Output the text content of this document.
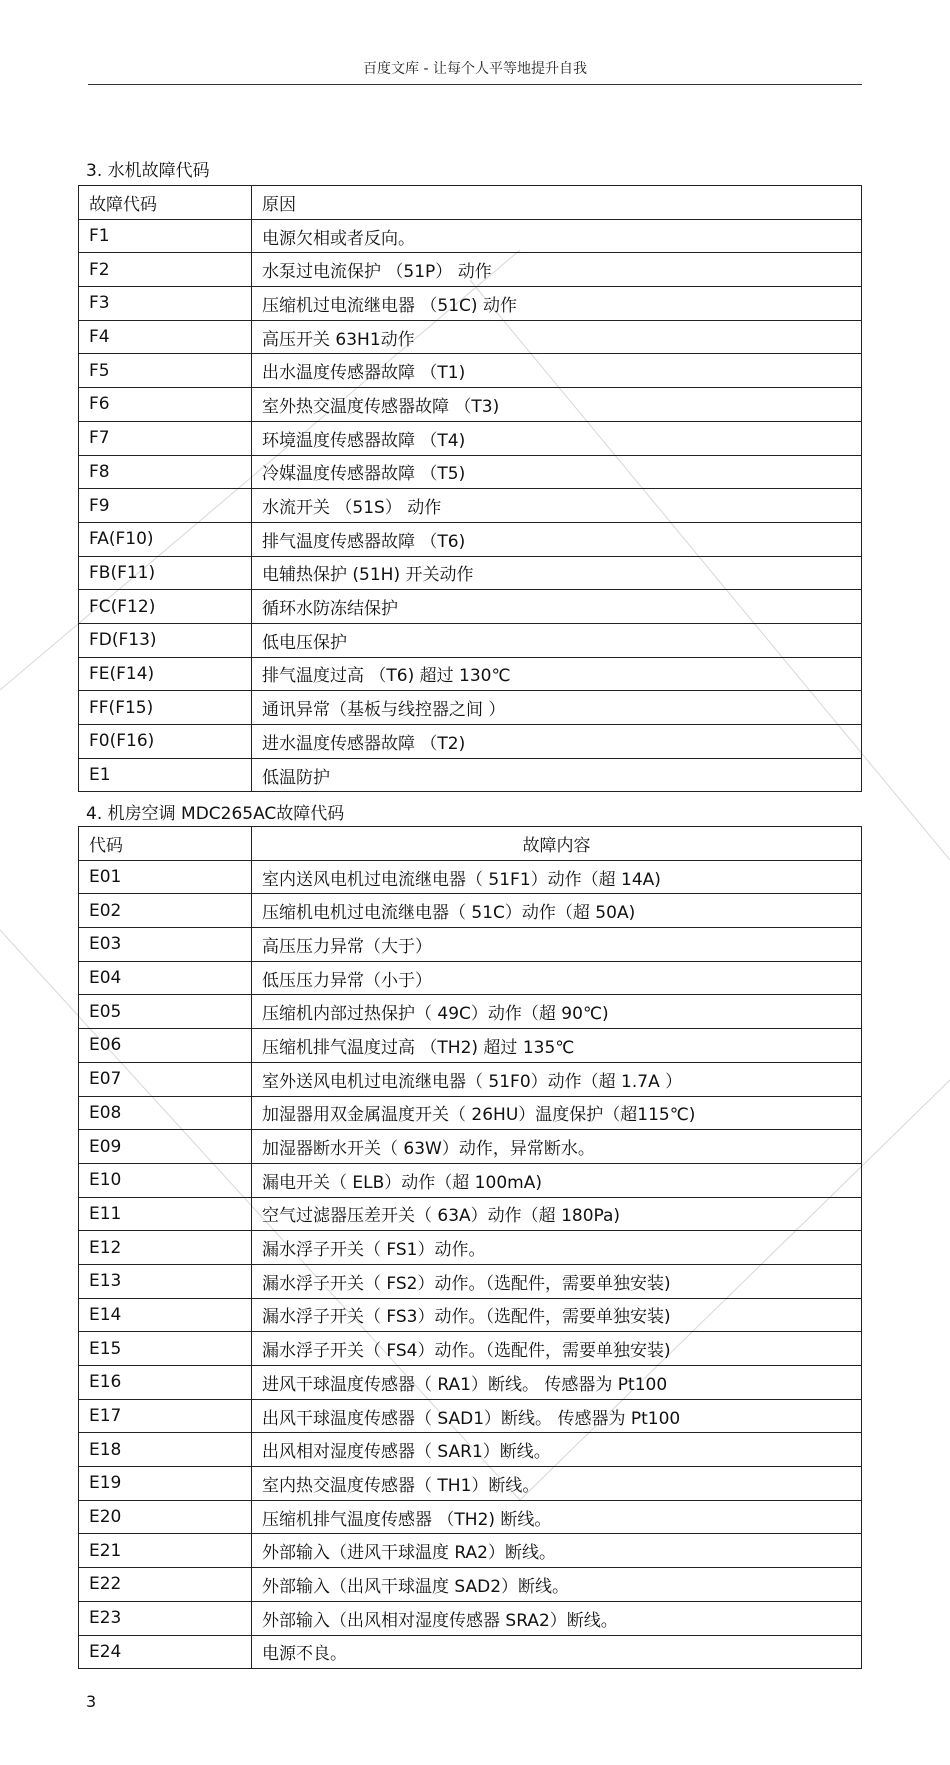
百度文库 - 让每个人平等地提升自我
3. 水机故障代码
故障代码	原因
F1	电源欠相或者反向。
F2	水泵过电流保护 （51P） 动作
F3	压缩机过电流继电器 （51C) 动作
F4	高压开关 63H1动作
F5	出水温度传感器故障 （T1)
F6	室外热交温度传感器故障 （T3)
F7	环境温度传感器故障 （T4)
F8	冷媒温度传感器故障 （T5)
F9	水流开关 （51S） 动作
FA(F10)	排气温度传感器故障 （T6)
FB(F11)	电辅热保护 (51H) 开关动作
FC(F12)	循环水防冻结保护
FD(F13)	低电压保护
FE(F14)	排气温度过高 （T6) 超过 130℃
FF(F15)	通讯异常（基板与线控器之间 ）
F0(F16)	进水温度传感器故障 （T2)
E1	低温防护
4. 机房空调 MDC265AC故障代码
代码	故障内容
E01	室内送风电机过电流继电器（ 51F1）动作（超 14A)
E02	压缩机电机过电流继电器（ 51C）动作（超 50A)
E03	高压压力异常（大于）
E04	低压压力异常（小于）
E05	压缩机内部过热保护（ 49C）动作（超 90℃)
E06	压缩机排气温度过高 （TH2) 超过 135℃
E07	室外送风电机过电流继电器（ 51F0）动作（超 1.7A ）
E08	加湿器用双金属温度开关（ 26HU）温度保护（超115℃)
E09	加湿器断水开关（ 63W）动作，异常断水。
E10	漏电开关（ ELB）动作（超 100mA)
E11	空气过滤器压差开关（ 63A）动作（超 180Pa)
E12	漏水浮子开关（ FS1）动作。
E13	漏水浮子开关（ FS2）动作。（选配件，需要单独安装)
E14	漏水浮子开关（ FS3）动作。（选配件，需要单独安装)
E15	漏水浮子开关（ FS4）动作。（选配件，需要单独安装)
E16	进风干球温度传感器（ RA1）断线。 传感器为 Pt100
E17	出风干球温度传感器（ SAD1）断线。 传感器为 Pt100
E18	出风相对湿度传感器（ SAR1）断线。
E19	室内热交温度传感器（ TH1）断线。
E20	压缩机排气温度传感器 （TH2) 断线。
E21	外部输入（进风干球温度 RA2）断线。
E22	外部输入（出风干球温度 SAD2）断线。
E23	外部输入（出风相对湿度传感器 SRA2）断线。
E24	电源不良。
3
